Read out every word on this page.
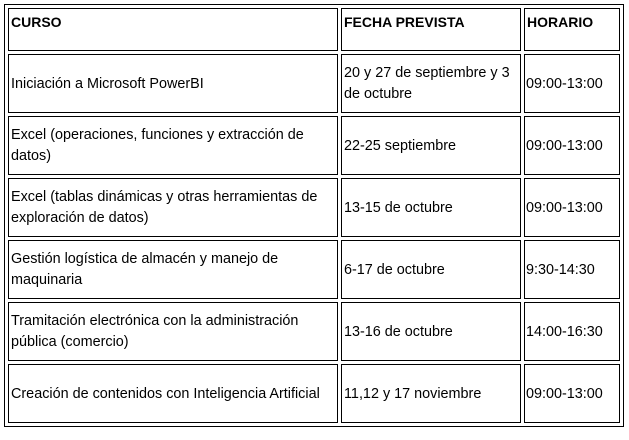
CURSO	FECHA PREVISTA	HORARIO
Iniciación a Microsoft PowerBI	20 y 27 de septiembre y 3 de octubre	09:00-13:00
Excel (operaciones, funciones y extracción de datos)	22-25 septiembre	09:00-13:00
Excel (tablas dinámicas y otras herramientas de exploración de datos)	13-15 de octubre	09:00-13:00
Gestión logística de almacén y manejo de maquinaria	6-17 de octubre	9:30-14:30
Tramitación electrónica con la administración pública (comercio)	13-16 de octubre	14:00-16:30
Creación de contenidos con Inteligencia Artificial	11,12 y 17 noviembre	09:00-13:00
